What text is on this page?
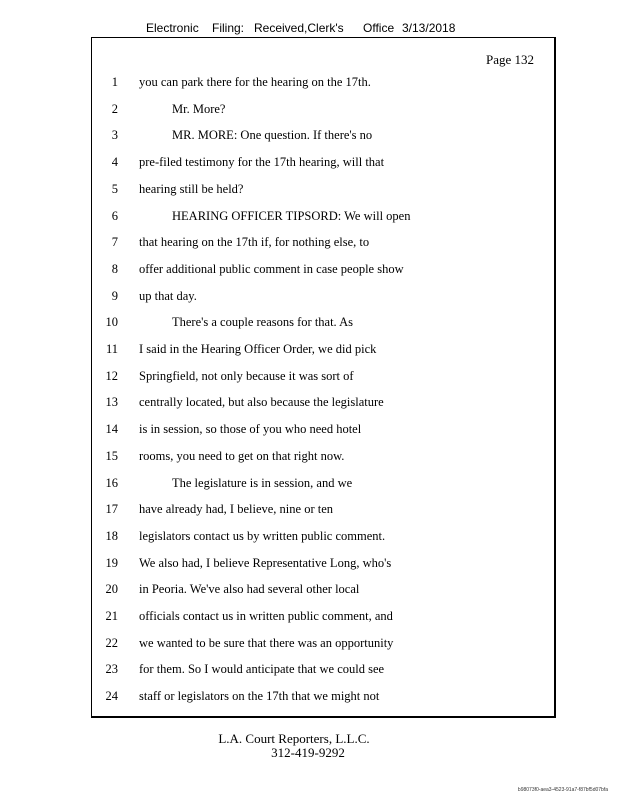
Electronic Filing: Received,Clerk's Office 3/13/2018
Page 132
1 you can park there for the hearing on the 17th.
2	Mr. More?
3	MR. MORE: One question. If there's no
4 pre-filed testimony for the 17th hearing, will that
5 hearing still be held?
6	HEARING OFFICER TIPSORD: We will open
7 that hearing on the 17th if, for nothing else, to
8 offer additional public comment in case people show
9 up that day.
10	There's a couple reasons for that. As
11 I said in the Hearing Officer Order, we did pick
12 Springfield, not only because it was sort of
13 centrally located, but also because the legislature
14 is in session, so those of you who need hotel
15 rooms, you need to get on that right now.
16	The legislature is in session, and we
17 have already had, I believe, nine or ten
18 legislators contact us by written public comment.
19 We also had, I believe Representative Long, who's
20 in Peoria. We've also had several other local
21 officials contact us in written public comment, and
22 we wanted to be sure that there was an opportunity
23 for them. So I would anticipate that we could see
24 staff or legislators on the 17th that we might not
L.A. Court Reporters, L.L.C.
312-419-9292
b98073f0-aea3-4523-91a7-f87bf5d07bfa
